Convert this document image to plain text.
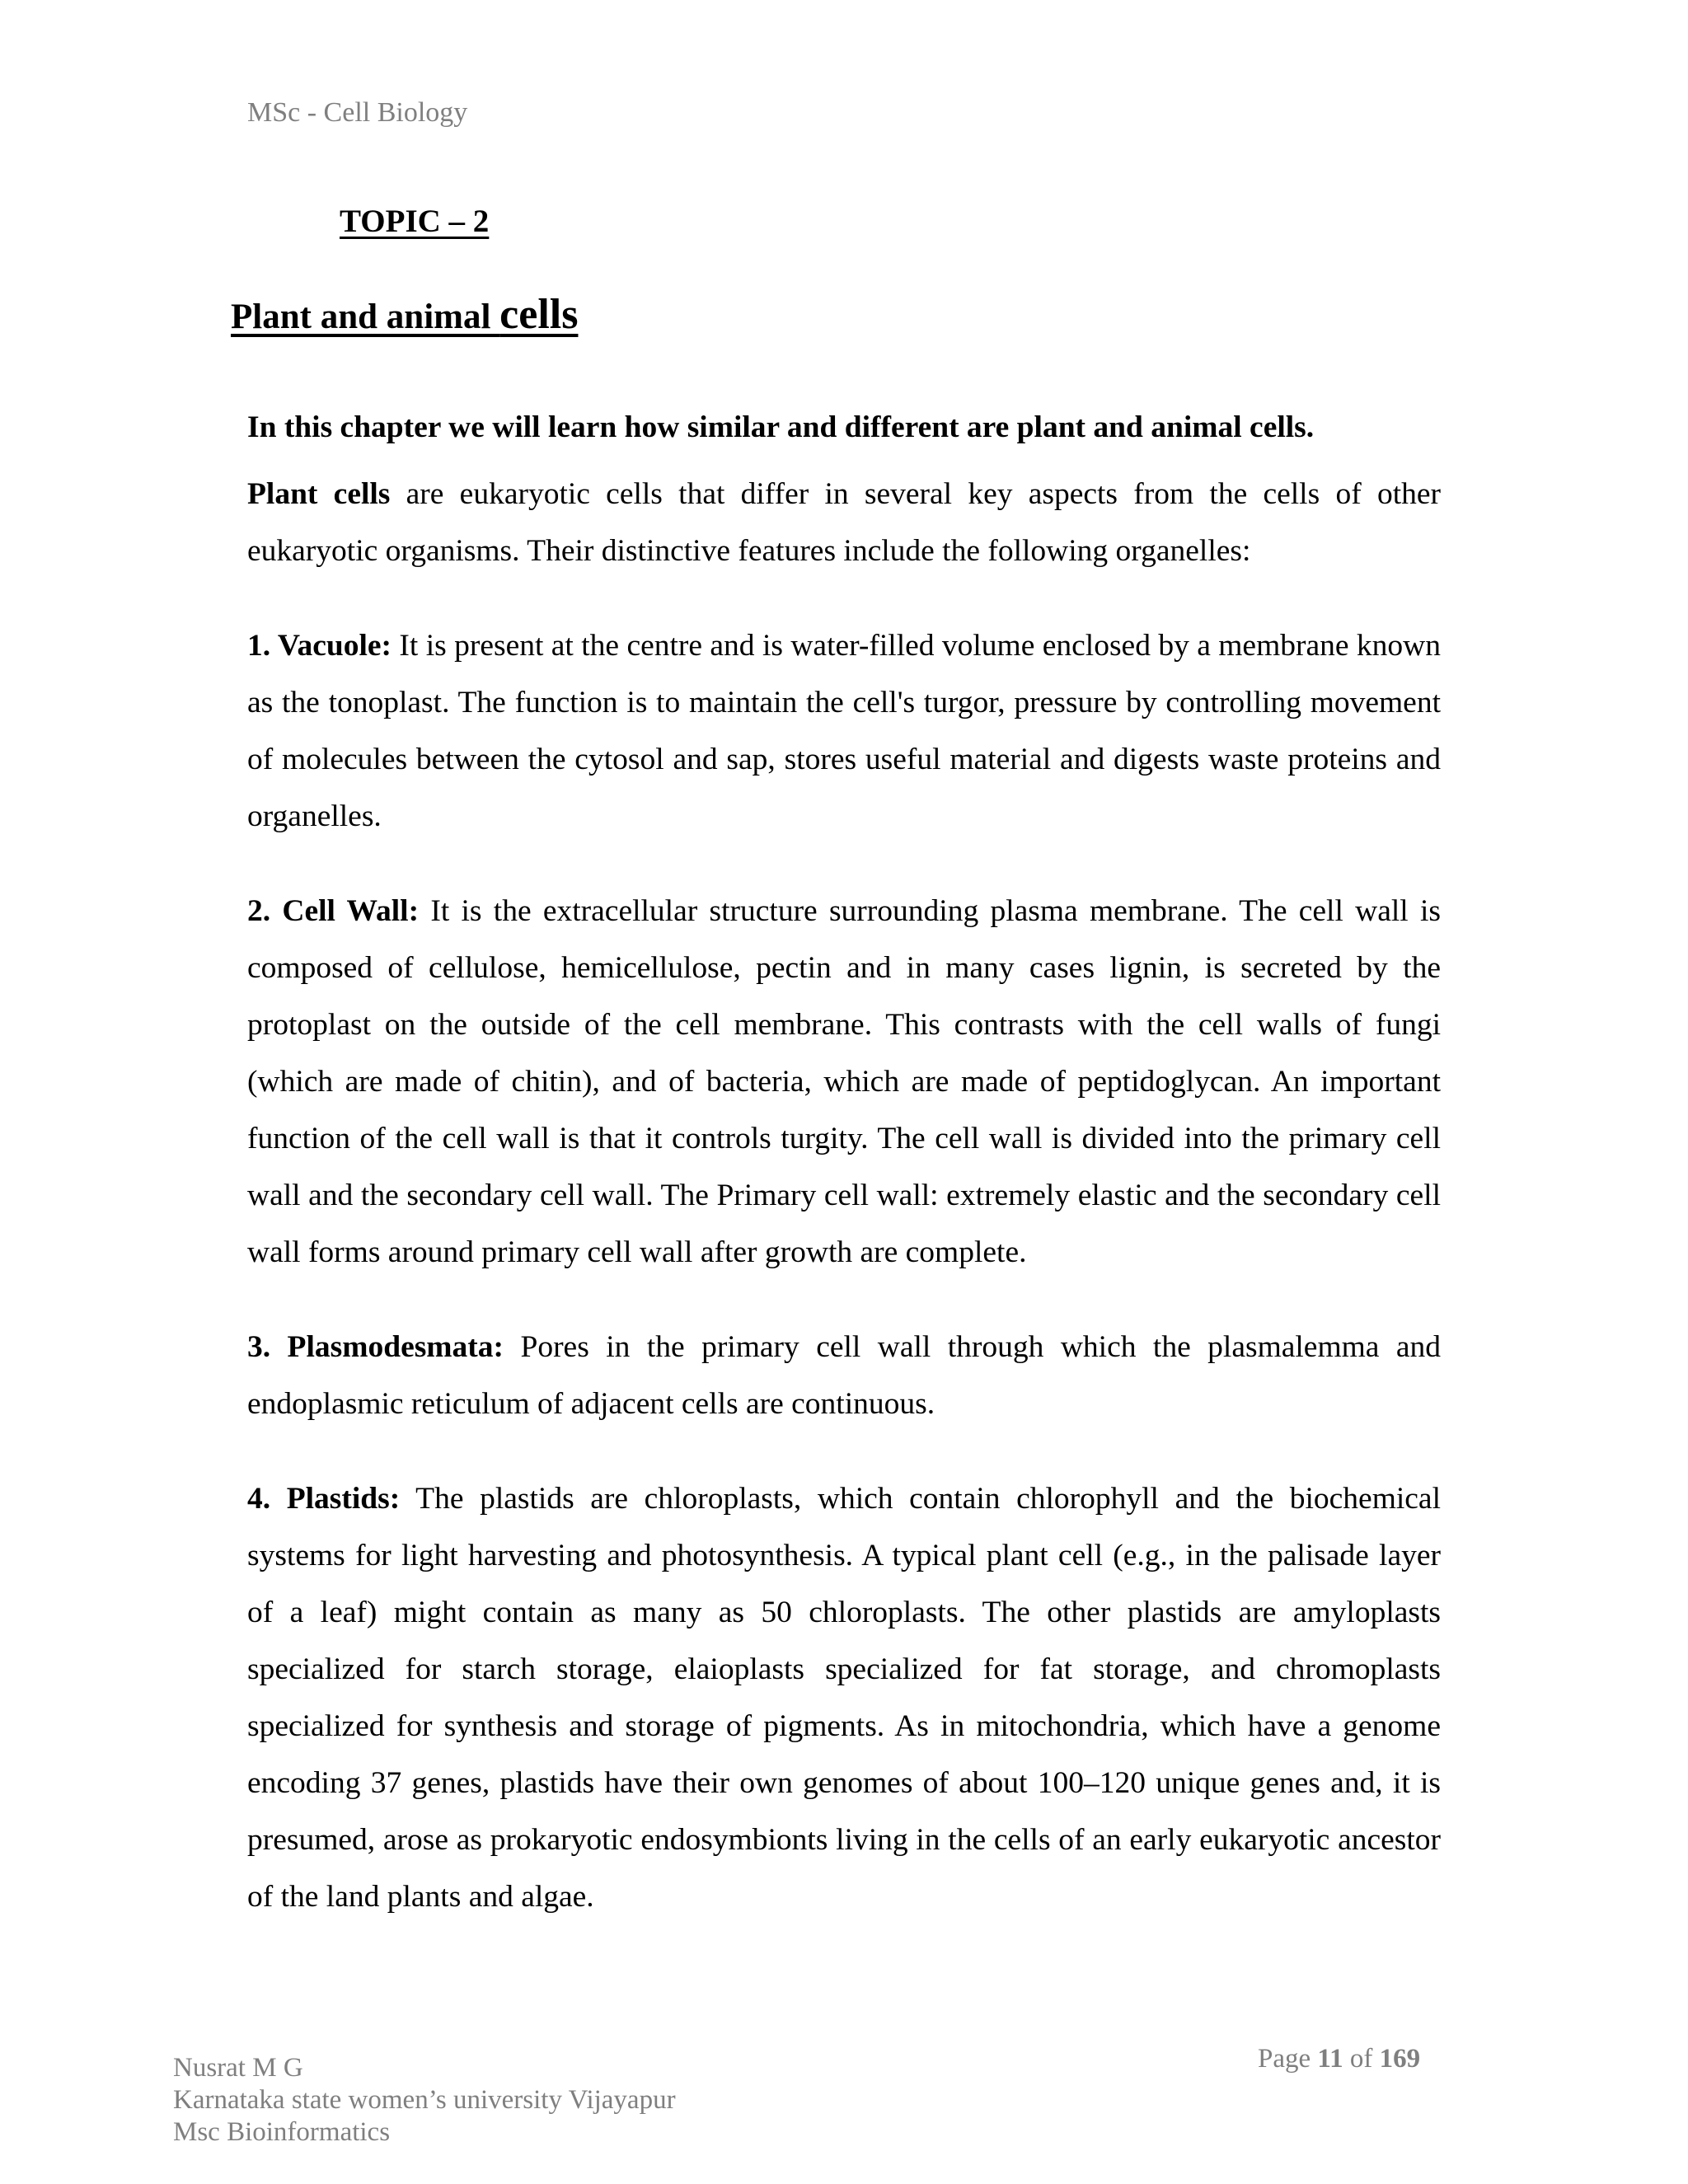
MSc - Cell Biology
TOPIC – 2
Plant and animal cells

In this chapter we will learn how similar and different are plant and animal cells.

Plant cells are eukaryotic cells that differ in several key aspects from the cells of other eukaryotic organisms. Their distinctive features include the following organelles:

1. Vacuole: It is present at the centre and is water-filled volume enclosed by a membrane known as the tonoplast. The function is to maintain the cell's turgor, pressure by controlling movement of molecules between the cytosol and sap, stores useful material and digests waste proteins and organelles.

2. Cell Wall: It is the extracellular structure surrounding plasma membrane. The cell wall is composed of cellulose, hemicellulose, pectin and in many cases lignin, is secreted by the protoplast on the outside of the cell membrane. This contrasts with the cell walls of fungi (which are made of chitin), and of bacteria, which are made of peptidoglycan. An important function of the cell wall is that it controls turgity. The cell wall is divided into the primary cell wall and the secondary cell wall. The Primary cell wall: extremely elastic and the secondary cell wall forms around primary cell wall after growth are complete.

3. Plasmodesmata: Pores in the primary cell wall through which the plasmalemma and endoplasmic reticulum of adjacent cells are continuous.

4. Plastids: The plastids are chloroplasts, which contain chlorophyll and the biochemical systems for light harvesting and photosynthesis. A typical plant cell (e.g., in the palisade layer of a leaf) might contain as many as 50 chloroplasts. The other plastids are amyloplasts specialized for starch storage, elaioplasts specialized for fat storage, and chromoplasts specialized for synthesis and storage of pigments. As in mitochondria, which have a genome encoding 37 genes, plastids have their own genomes of about 100–120 unique genes and, it is presumed, arose as prokaryotic endosymbionts living in the cells of an early eukaryotic ancestor of the land plants and algae.

Nusrat M G
Karnataka state women’s university Vijayapur
Msc Bioinformatics
Page 11 of 169
